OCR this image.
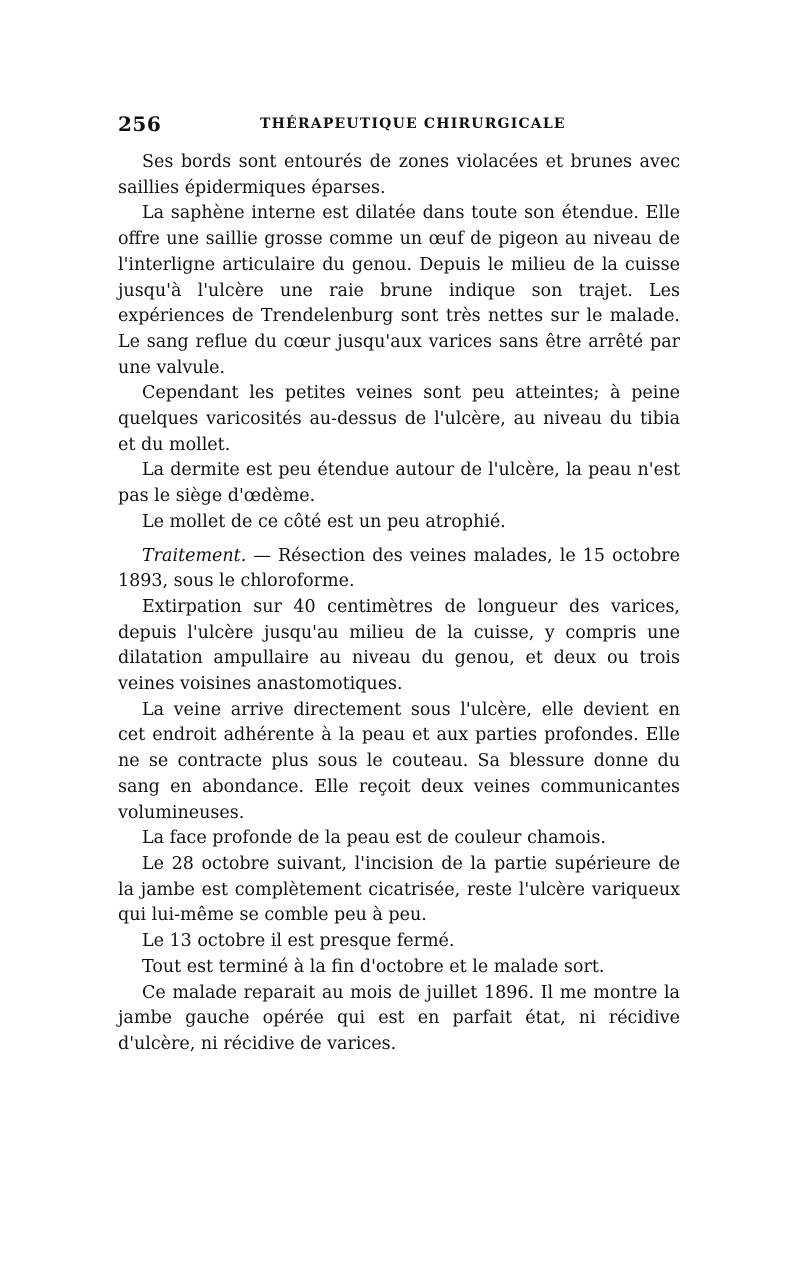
256	THÉRAPEUTIQUE CHIRURGICALE

Ses bords sont entourés de zones violacées et brunes avec saillies épidermiques éparses.

La saphène interne est dilatée dans toute son étendue. Elle offre une saillie grosse comme un œuf de pigeon au niveau de l'interligne articulaire du genou. Depuis le milieu de la cuisse jusqu'à l'ulcère une raie brune indique son trajet. Les expériences de Trendelenburg sont très nettes sur le malade. Le sang reflue du cœur jusqu'aux varices sans être arrêté par une valvule.

Cependant les petites veines sont peu atteintes; à peine quelques varicosités au-dessus de l'ulcère, au niveau du tibia et du mollet.

La dermite est peu étendue autour de l'ulcère, la peau n'est pas le siège d'œdème.

Le mollet de ce côté est un peu atrophié.

Traitement. — Résection des veines malades, le 15 octobre 1893, sous le chloroforme.

Extirpation sur 40 centimètres de longueur des varices, depuis l'ulcère jusqu'au milieu de la cuisse, y compris une dilatation ampullaire au niveau du genou, et deux ou trois veines voisines anastomotiques.

La veine arrive directement sous l'ulcère, elle devient en cet endroit adhérente à la peau et aux parties profondes. Elle ne se contracte plus sous le couteau. Sa blessure donne du sang en abondance. Elle reçoit deux veines communicantes volumineuses.

La face profonde de la peau est de couleur chamois.

Le 28 octobre suivant, l'incision de la partie supérieure de la jambe est complètement cicatrisée, reste l'ulcère variqueux qui lui-même se comble peu à peu.

Le 13 octobre il est presque fermé.

Tout est terminé à la fin d'octobre et le malade sort.

Ce malade reparait au mois de juillet 1896. Il me montre la jambe gauche opérée qui est en parfait état, ni récidive d'ulcère, ni récidive de varices.
